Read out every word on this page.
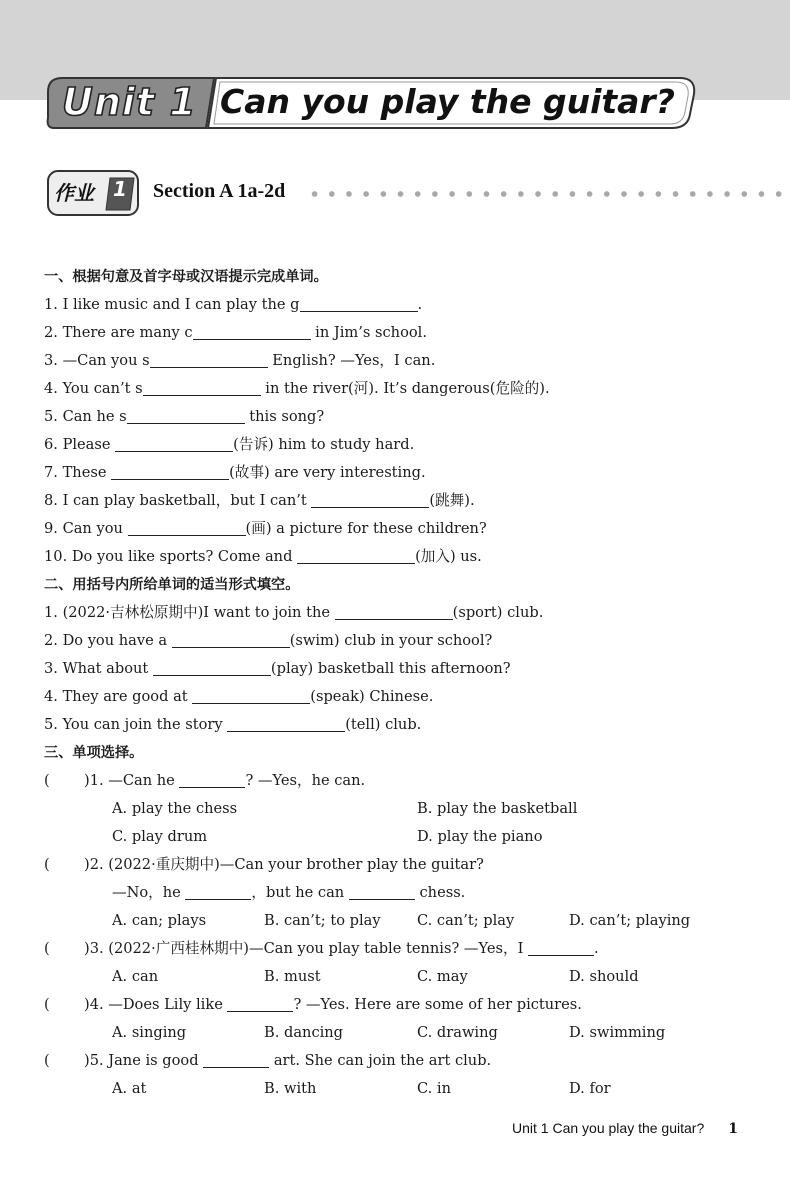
Unit 1 Can you play the guitar?
作业 1 Section A 1a-2d
一、根据句意及首字母或汉语提示完成单词。
1. I like music and I can play the g	.
2. There are many c	in Jim’s school.
3. —Can you s	English? —Yes，I can.
4. You can’t s	in the river(河). It’s dangerous(危险的).
5. Can he s	this song?
6. Please	(告诉) him to study hard.
7. These	(故事) are very interesting.
8. I can play basketball，but I can’t	(跳舞).
9. Can you	(画) a picture for these children?
10. Do you like sports? Come and	(加入) us.
二、用括号内所给单词的适当形式填空。
1. (2022·吉林松原期中)I want to join the	(sport) club.
2. Do you have a	(swim) club in your school?
3. What about	(play) basketball this afternoon?
4. They are good at	(speak) Chinese.
5. You can join the story	(tell) club.
三、单项选择。
( )1. —Can he	? —Yes，he can.
A. play the chess	B. play the basketball
C. play drum	D. play the piano
( )2. (2022·重庆期中)—Can your brother play the guitar?
—No，he	，but he can	chess.
A. can; plays	B. can’t; to play C. can’t; play	D. can’t; playing
( )3. (2022·广西桂林期中)—Can you play table tennis? —Yes，I	.
A. can	B. must	C. may	D. should
( )4. —Does Lily like	? —Yes. Here are some of her pictures.
A. singing	B. dancing	C. drawing	D. swimming
( )5. Jane is good	art. She can join the art club.
A. at	B. with	C. in	D. for
Unit 1 Can you play the guitar? 1
